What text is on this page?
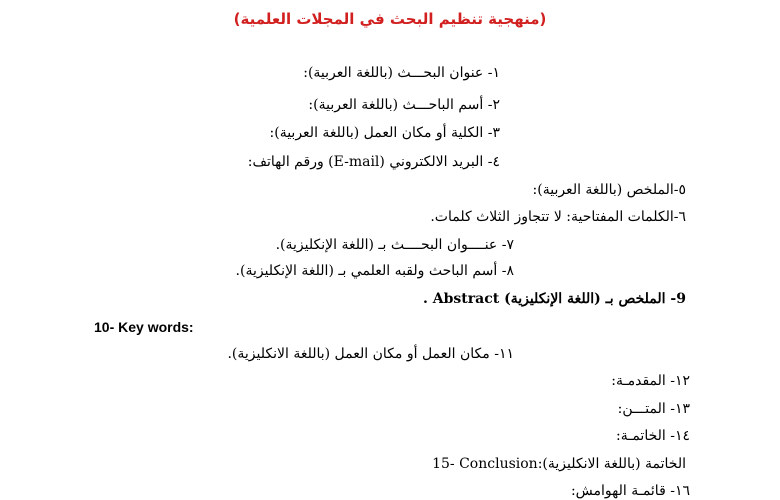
(منهجية تنظيم البحث في المجلات العلمية)
١- عنوان البحـــث (باللغة العربية):
٢- أسم الباحـــث (باللغة العربية):
٣- الكلية أو مكان العمل (باللغة العربية):
٤- البريد الالكتروني (E-mail) ورقم الهاتف:
٥-الملخص (باللغة العربية):
٦-الكلمات المفتاحية: لا تتجاوز الثلاث كلمات.
٧- عنــــوان البحــــث بـ (اللغة الإنكليزية).
٨- أسم الباحث ولقبه العلمي بـ (اللغة الإنكليزية).
9- الملخص بـ (اللغة الإنكليزية) Abstract .
10- Key words:
١١- مكان العمل أو مكان العمل (باللغة الانكليزية).
١٢- المقدمـة:
١٣- المتـــن:
١٤- الخاتمـة:
15- Conclusion:الخاتمة (باللغة الانكليزية)
١٦- قائمـة الهوامش:
